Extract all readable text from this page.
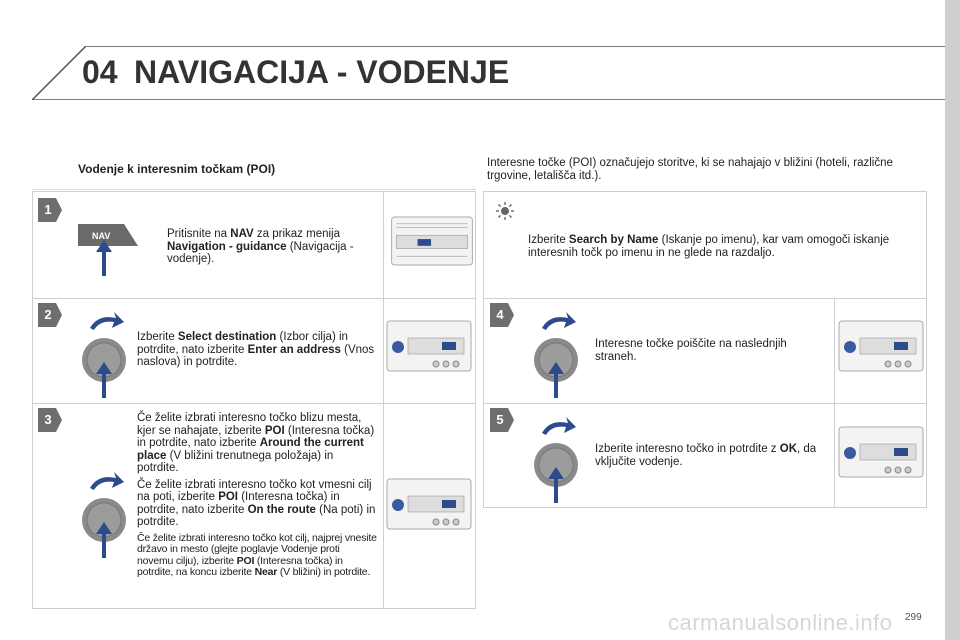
04 NAVIGACIJA - VODENJE
Vodenje k interesnim točkam (POI)	Interesne točke (POI) označujejo storitve, ki se nahajajo v bližini (hoteli, različne trgovine, letališča itd.).
1
2
3
4
5
NAV	Pritisnite na NAV za prikaz menija Navigation - guidance (Navigacija - vodenje).
Izberite Select destination (Izbor cilja) in potrdite, nato izberite Enter an address (Vnos naslova) in potrdite.

Če želite izbrati interesno točko blizu mesta, kjer se nahajate, izberite POI (Interesna točka) in potrdite, nato izberite Around the current place (V bližini trenutnega položaja) in potrdite.

Če želite izbrati interesno točko kot vmesni cilj na poti, izberite POI (Interesna točka) in potrdite, nato izberite On the route (Na poti) in potrdite.

Če želite izbrati interesno točko kot cilj, najprej vnesite državo in mesto (glejte poglavje Vodenje proti novemu cilju), izberite POI (Interesna točka) in potrdite, na koncu izberite Near (V bližini) in potrdite.

Izberite Search by Name (Iskanje po imenu), kar vam omogoči iskanje interesnih točk po imenu in ne glede na razdaljo.
Interesne točke poiščite na naslednjih straneh.
Izberite interesno točko in potrdite z OK, da vključite vodenje.
carmanualsonline.info 299
